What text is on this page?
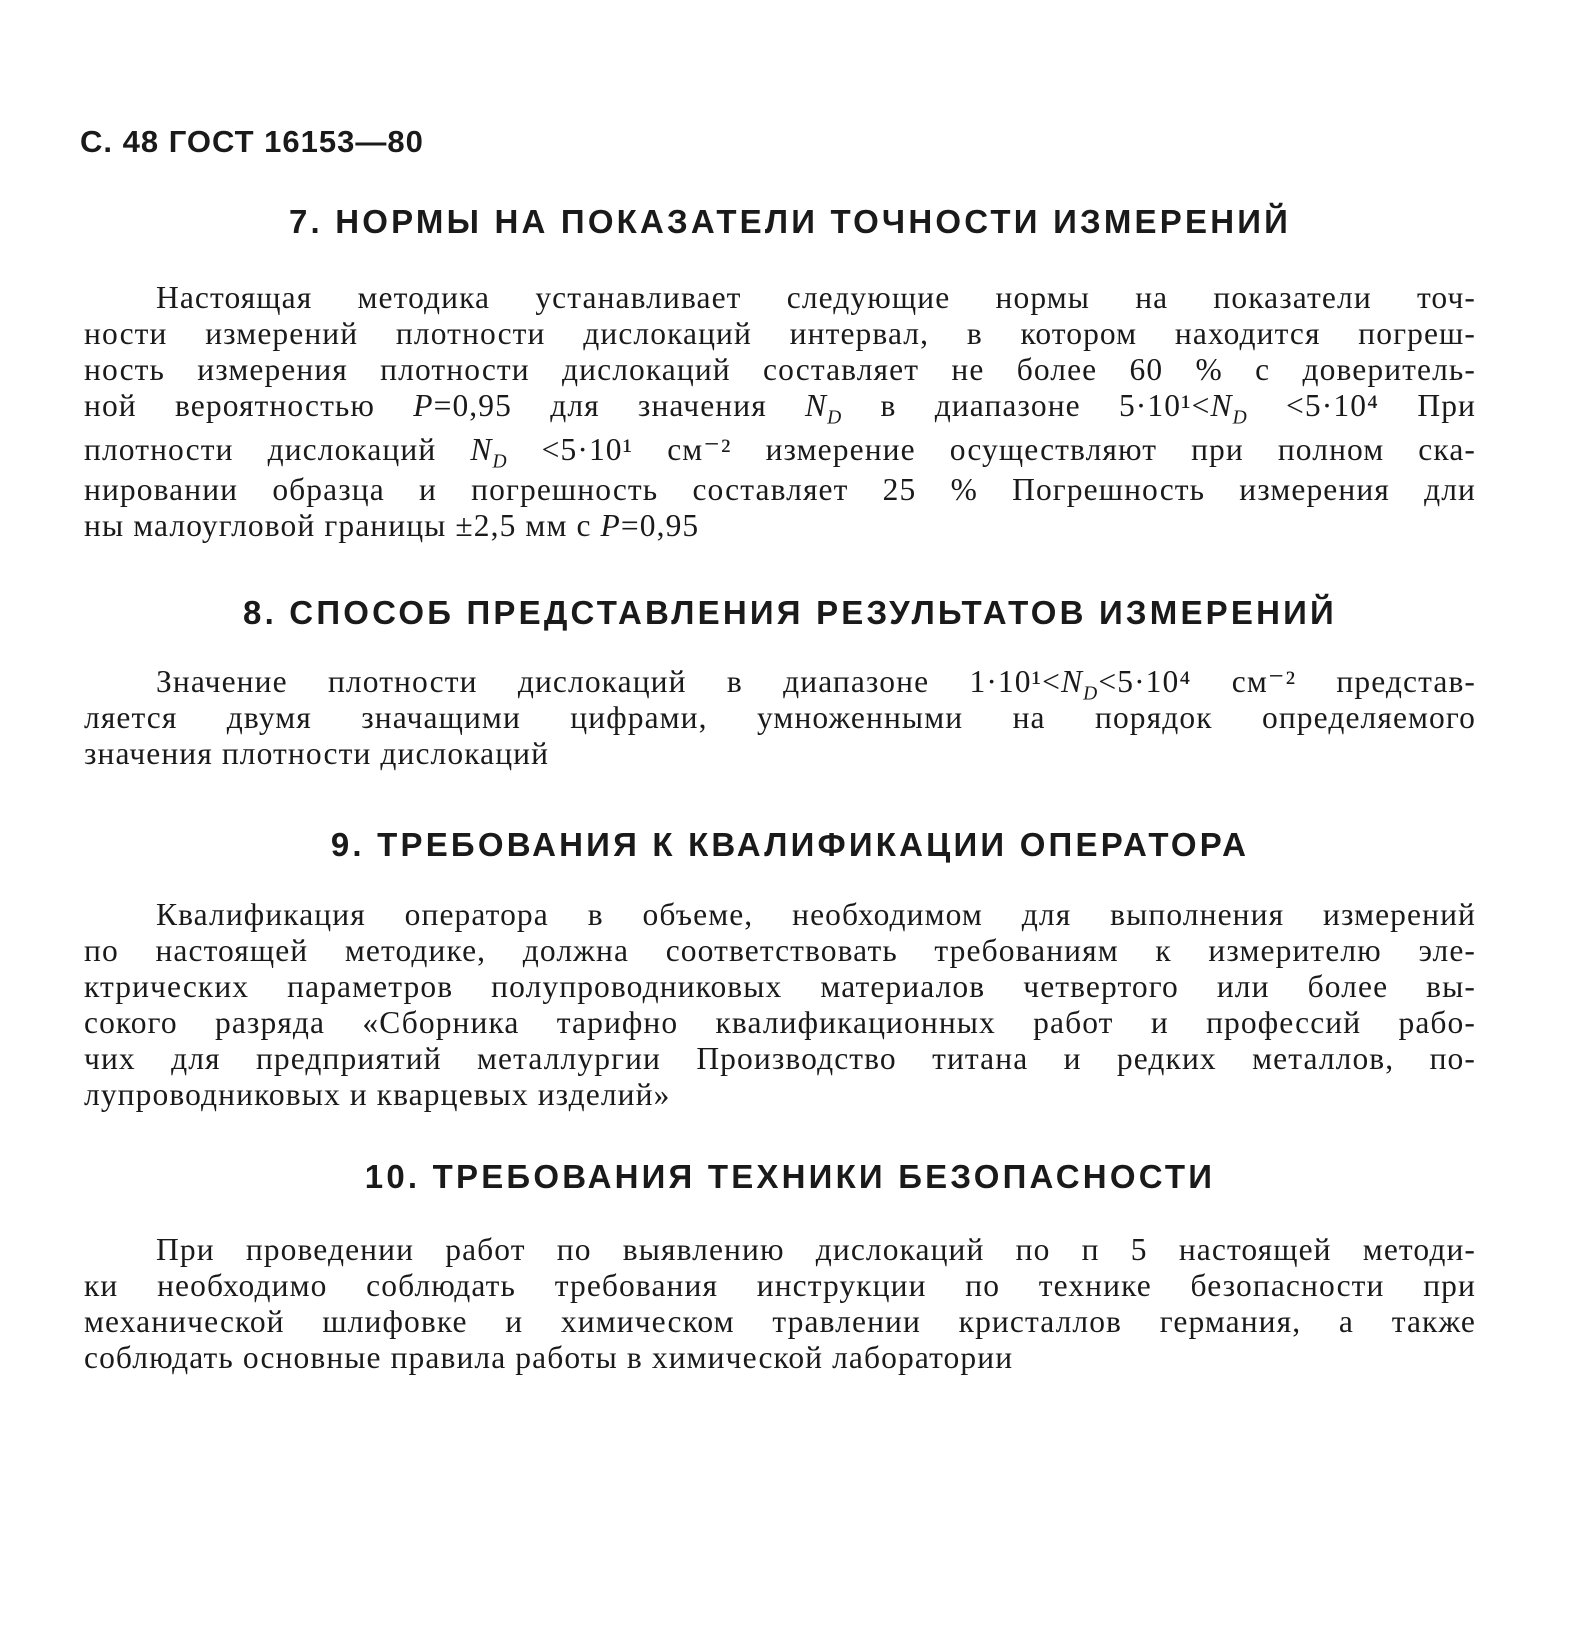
С. 48 ГОСТ 16153—80
7. НОРМЫ НА ПОКАЗАТЕЛИ ТОЧНОСТИ ИЗМЕРЕНИЙ
Настоящая методика устанавливает следующие нормы на показатели точ-
ности измерений плотности дислокаций интервал, в котором находится погреш-
ность измерения плотности дислокаций составляет не более 60 % с доверитель-
ной вероятностью P=0,95 для значения $N_D$ в диапазоне $5\cdot 10^1<N_D <5\cdot 10^4$ При
плотности дислокаций $N_D <5\cdot 10^1$ см⁻² измерение осуществляют при полном ска-
нировании образца и погрешность составляет 25 % Погрешность измерения дли
ны малоугловой границы ±2,5 мм с P=0,95
8. СПОСОБ ПРЕДСТАВЛЕНИЯ РЕЗУЛЬТАТОВ ИЗМЕРЕНИЙ
Значение плотности дислокаций в диапазоне $1\cdot 10^1<N_D<5\cdot 10^4$ см⁻² представ-
ляется двумя значащими цифрами, умноженными на порядок определяемого
значения плотности дислокаций
9. ТРЕБОВАНИЯ К КВАЛИФИКАЦИИ ОПЕРАТОРА
Квалификация оператора в объеме, необходимом для выполнения измерений
по настоящей методике, должна соответствовать требованиям к измерителю эле-
ктрических параметров полупроводниковых материалов четвертого или более вы-
сокого разряда «Сборника тарифно квалификационных работ и профессий рабо-
чих для предприятий металлургии Производство титана и редких металлов, по-
лупроводниковых и кварцевых изделий»
10. ТРЕБОВАНИЯ ТЕХНИКИ БЕЗОПАСНОСТИ
При проведении работ по выявлению дислокаций по п 5 настоящей методи-
ки необходимо соблюдать требования инструкции по технике безопасности при
механической шлифовке и химическом травлении кристаллов германия, а также
соблюдать основные правила работы в химической лаборатории
